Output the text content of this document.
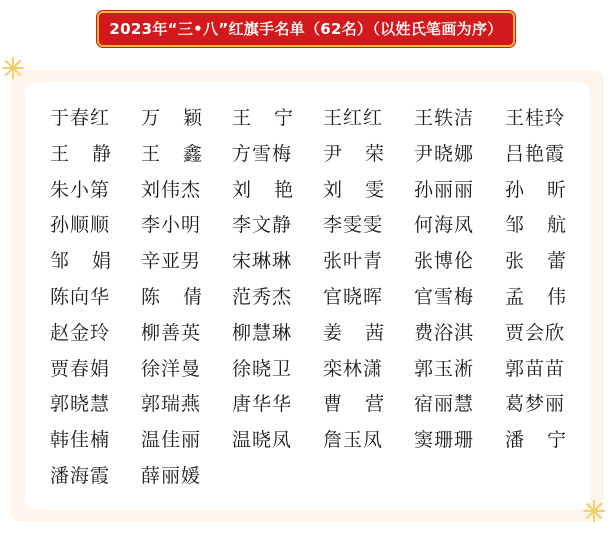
2023年“三•八”红旗手名单（62名）（以姓氏笔画为序）
于春红 万颖 王宁 王红红 王轶洁 王桂玲
王静 王鑫 方雪梅 尹荣 尹晓娜 吕艳霞
朱小第 刘伟杰 刘艳 刘雯 孙丽丽 孙昕
孙顺顺 李小明 李文静 李雯雯 何海凤 邹航
邹娟 辛亚男 宋琳琳 张叶青 张博伦 张蕾
陈向华 陈倩 范秀杰 官晓晖 官雪梅 孟伟
赵金玲 柳善英 柳慧琳 姜茜 费浴淇 贾会欣
贾春娟 徐洋曼 徐晓卫 栾林潇 郭玉淅 郭苗苗
郭晓慧 郭瑞燕 唐华华 曹营 宿丽慧 葛梦丽
韩佳楠 温佳丽 温晓凤 詹玉凤 窦珊珊 潘宁
潘海霞 薛丽媛
